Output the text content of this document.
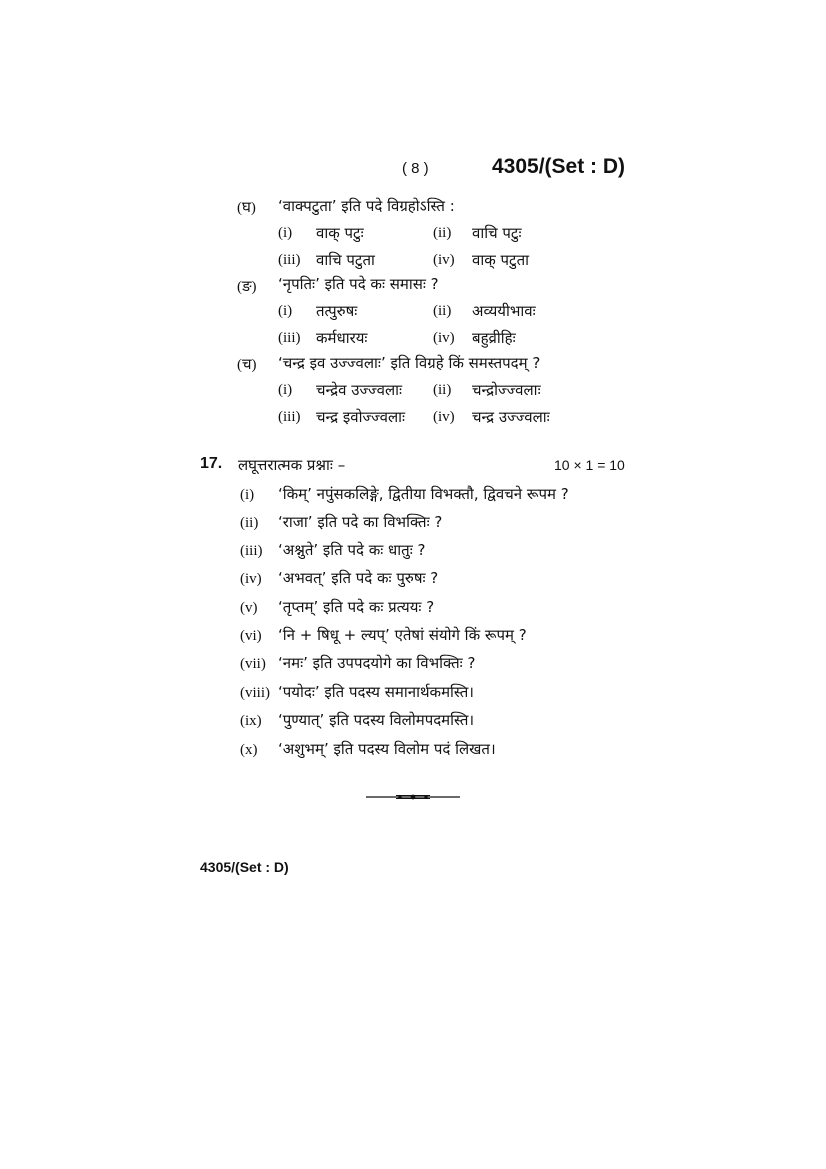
( 8 )	4305/(Set : D)
(घ) ‘वाक्पटुता’ इति पदे विग्रहोऽस्ति :
(i) वाक् पटुः	(ii) वाचि पटुः
(iii) वाचि पटुता	(iv) वाक् पटुता
(ङ) ‘नृपतिः’ इति पदे कः समासः ?
(i) तत्पुरुषः	(ii) अव्ययीभावः
(iii) कर्मधारयः	(iv) बहुव्रीहिः
(च) ‘चन्द्र इव उज्ज्वलाः’ इति विग्रहे किं समस्तपदम् ?
(i) चन्द्रेव उज्ज्वलाः (ii) चन्द्रोज्ज्वलाः
(iii) चन्द्र इवोज्ज्वलाः (iv) चन्द्र उज्ज्वलाः
17. लघूत्तरात्मक प्रश्नाः –	10 × 1 = 10
(i) ‘किम्’ नपुंसकलिङ्गे, द्वितीया विभक्तौ, द्विवचने रूपम ?
(ii) ‘राजा’ इति पदे का विभक्तिः ?
(iii) ‘अश्नुते’ इति पदे कः धातुः ?
(iv) ‘अभवत्’ इति पदे कः पुरुषः ?
(v) ‘तृप्तम्’ इति पदे कः प्रत्ययः ?
(vi) ‘नि + षिधू + ल्यप्’ एतेषां संयोगे किं रूपम् ?
(vii) ‘नमः’ इति उपपदयोगे का विभक्तिः ?
(viii) ‘पयोदः’ इति पदस्य समानार्थकमस्ति।
(ix) ‘पुण्यात्’ इति पदस्य विलोमपदमस्ति।
(x) ‘अशुभम्’ इति पदस्य विलोम पदं लिखत।
4305/(Set : D)
